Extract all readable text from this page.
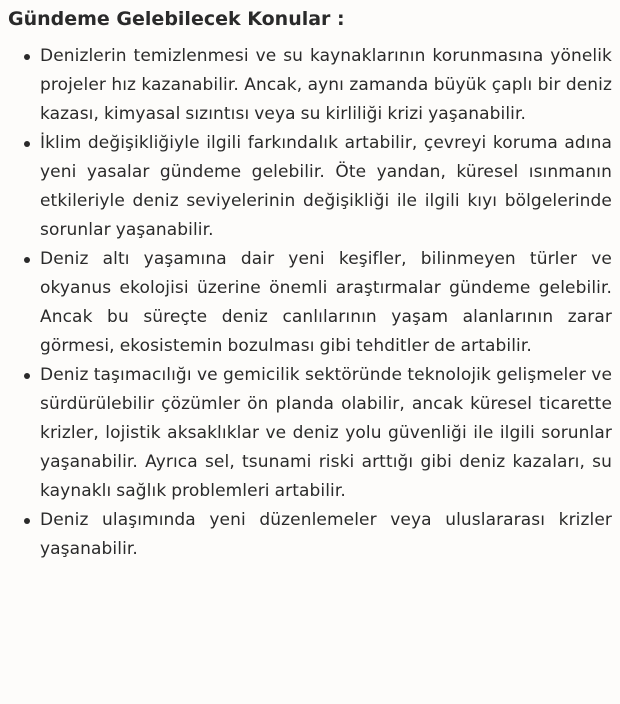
Gündeme Gelebilecek Konular :
Denizlerin temizlenmesi ve su kaynaklarının korunmasına yönelik projeler hız kazanabilir. Ancak, aynı zamanda büyük çaplı bir deniz kazası, kimyasal sızıntısı veya su kirliliği krizi yaşanabilir.
İklim değişikliğiyle ilgili farkındalık artabilir, çevreyi koruma adına yeni yasalar gündeme gelebilir. Öte yandan, küresel ısınmanın etkileriyle deniz seviyelerinin değişikliği ile ilgili kıyı bölgelerinde sorunlar yaşanabilir.
Deniz altı yaşamına dair yeni keşifler, bilinmeyen türler ve okyanus ekolojisi üzerine önemli araştırmalar gündeme gelebilir. Ancak bu süreçte deniz canlılarının yaşam alanlarının zarar görmesi, ekosistemin bozulması gibi tehditler de artabilir.
Deniz taşımacılığı ve gemicilik sektöründe teknolojik gelişmeler ve sürdürülebilir çözümler ön planda olabilir, ancak küresel ticarette krizler, lojistik aksaklıklar ve deniz yolu güvenliği ile ilgili sorunlar yaşanabilir. Ayrıca sel, tsunami riski arttığı gibi deniz kazaları, su kaynaklı sağlık problemleri artabilir.
Deniz ulaşımında yeni düzenlemeler veya uluslararası krizler yaşanabilir.
